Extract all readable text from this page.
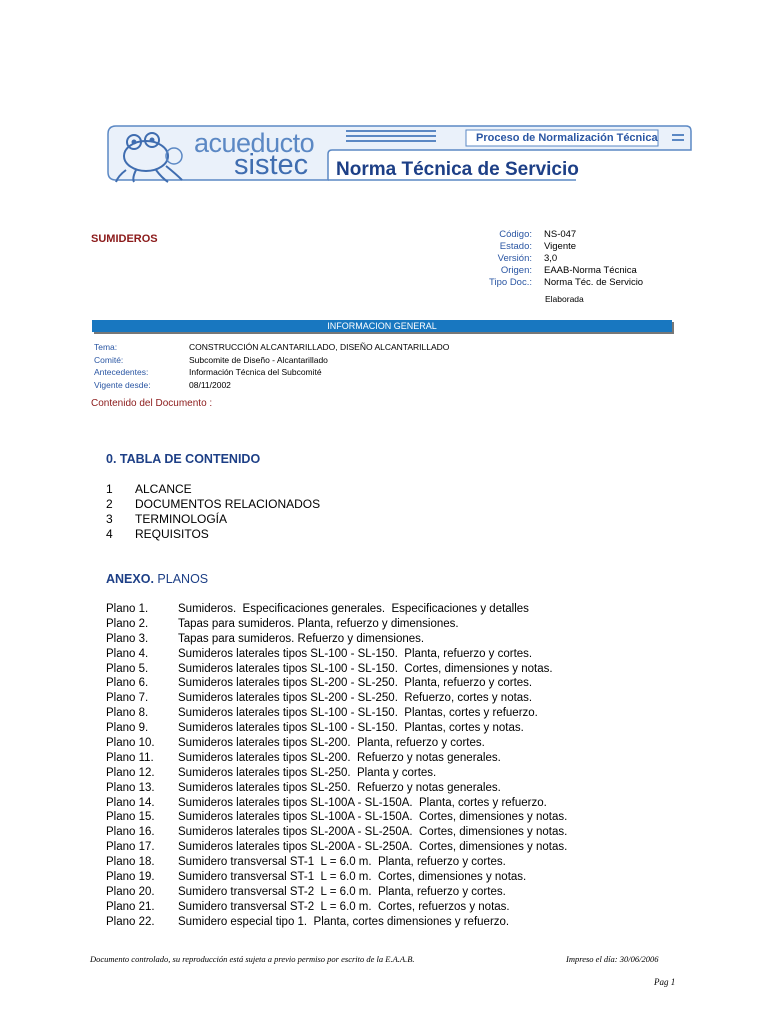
acueducto
sistec
Proceso de Normalización Técnica
Norma Técnica de Servicio
SUMIDEROS	Código:	NS-047
Estado:	Vigente
Versión:	3,0
Origen:	EAAB-Norma Técnica
Tipo Doc.:	Norma Téc. de Servicio
Elaborada
INFORMACION GENERAL
Tema:	CONSTRUCCIÓN ALCANTARILLADO, DISEÑO ALCANTARILLADO
Comité:	Subcomite de Diseño - Alcantarillado
Antecedentes:	Información Técnica del Subcomité
Vigente desde:	08/11/2002
Contenido del Documento :
0. TABLA DE CONTENIDO
1	ALCANCE
2	DOCUMENTOS RELACIONADOS
3	TERMINOLOGÍA
4	REQUISITOS
ANEXO. PLANOS
Plano 1.	Sumideros.  Especificaciones generales.  Especificaciones y detalles
Plano 2.	Tapas para sumideros. Planta, refuerzo y dimensiones.
Plano 3.	Tapas para sumideros. Refuerzo y dimensiones.
Plano 4.	Sumideros laterales tipos SL-100 - SL-150.  Planta, refuerzo y cortes.
Plano 5.	Sumideros laterales tipos SL-100 - SL-150.  Cortes, dimensiones y notas.
Plano 6.	Sumideros laterales tipos SL-200 - SL-250.  Planta, refuerzo y cortes.
Plano 7.	Sumideros laterales tipos SL-200 - SL-250.  Refuerzo, cortes y notas.
Plano 8.	Sumideros laterales tipos SL-100 - SL-150.  Plantas, cortes y refuerzo.
Plano 9.	Sumideros laterales tipos SL-100 - SL-150.  Plantas, cortes y notas.
Plano 10.	Sumideros laterales tipos SL-200.  Planta, refuerzo y cortes.
Plano 11.	Sumideros laterales tipos SL-200.  Refuerzo y notas generales.
Plano 12.	Sumideros laterales tipos SL-250.  Planta y cortes.
Plano 13.	Sumideros laterales tipos SL-250.  Refuerzo y notas generales.
Plano 14.	Sumideros laterales tipos SL-100A - SL-150A.  Planta, cortes y refuerzo.
Plano 15.	Sumideros laterales tipos SL-100A - SL-150A.  Cortes, dimensiones y notas.
Plano 16.	Sumideros laterales tipos SL-200A - SL-250A.  Cortes, dimensiones y notas.
Plano 17.	Sumideros laterales tipos SL-200A - SL-250A.  Cortes, dimensiones y notas.
Plano 18.	Sumidero transversal ST-1  L = 6.0 m.  Planta, refuerzo y cortes.
Plano 19.	Sumidero transversal ST-1  L = 6.0 m.  Cortes, dimensiones y notas.
Plano 20.	Sumidero transversal ST-2  L = 6.0 m.  Planta, refuerzo y cortes.
Plano 21.	Sumidero transversal ST-2  L = 6.0 m.  Cortes, refuerzos y notas.
Plano 22.	Sumidero especial tipo 1.  Planta, cortes dimensiones y refuerzo.
Documento controlado, su reproducción está sujeta a previo permiso por escrito de la E.A.A.B.	Impreso el día: 30/06/2006
Pag 1
